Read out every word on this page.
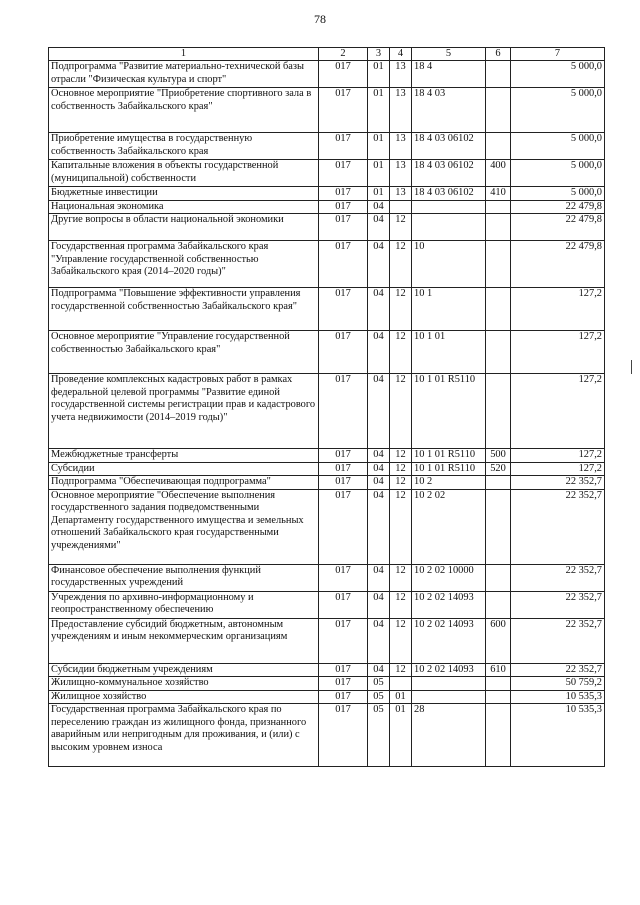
78
1	2	3	4	5	6	7
Подпрограмма "Развитие материально-технической базы отрасли "Физическая культура и спорт"	017	01	13	18 4		5 000,0
Основное мероприятие "Приобретение спортивного зала в собственность Забайкальского края"	017	01	13	18 4 03		5 000,0
Приобретение имущества в государственную собственность Забайкальского края	017	01	13	18 4 03 06102		5 000,0
Капитальные вложения в объекты государственной (муниципальной) собственности	017	01	13	18 4 03 06102	400	5 000,0
Бюджетные инвестиции	017	01	13	18 4 03 06102	410	5 000,0
Национальная экономика	017	04				22 479,8
Другие вопросы в области национальной экономики	017	04	12			22 479,8
Государственная программа Забайкальского края "Управление государственной собственностью Забайкальского края (2014–2020 годы)"	017	04	12	10		22 479,8
Подпрограмма "Повышение эффективности управления государственной собственностью Забайкальского края"	017	04	12	10 1		127,2
Основное мероприятие "Управление государственной собственностью Забайкальского края"	017	04	12	10 1 01		127,2
Проведение комплексных кадастровых работ в рамках федеральной целевой программы "Развитие единой государственной системы регистрации прав и кадастрового учета недвижимости (2014–2019 годы)"	017	04	12	10 1 01 R5110		127,2
Межбюджетные трансферты	017	04	12	10 1 01 R5110	500	127,2
Субсидии	017	04	12	10 1 01 R5110	520	127,2
Подпрограмма "Обеспечивающая подпрограмма"	017	04	12	10 2		22 352,7
Основное мероприятие "Обеспечение выполнения государственного задания подведомственными Департаменту государственного имущества и земельных отношений Забайкальского края государственными учреждениями"	017	04	12	10 2 02		22 352,7
Финансовое обеспечение выполнения функций государственных учреждений	017	04	12	10 2 02 10000		22 352,7
Учреждения по архивно-информационному и геопространственному обеспечению	017	04	12	10 2 02 14093		22 352,7
Предоставление субсидий бюджетным, автономным учреждениям и иным некоммерческим организациям	017	04	12	10 2 02 14093	600	22 352,7
Субсидии бюджетным учреждениям	017	04	12	10 2 02 14093	610	22 352,7
Жилищно-коммунальное хозяйство	017	05				50 759,2
Жилищное хозяйство	017	05	01			10 535,3
Государственная программа Забайкальского края по переселению граждан из жилищного фонда, признанного аварийным или непригодным для проживания, и (или) с высоким уровнем износа	017	05	01	28		10 535,3
